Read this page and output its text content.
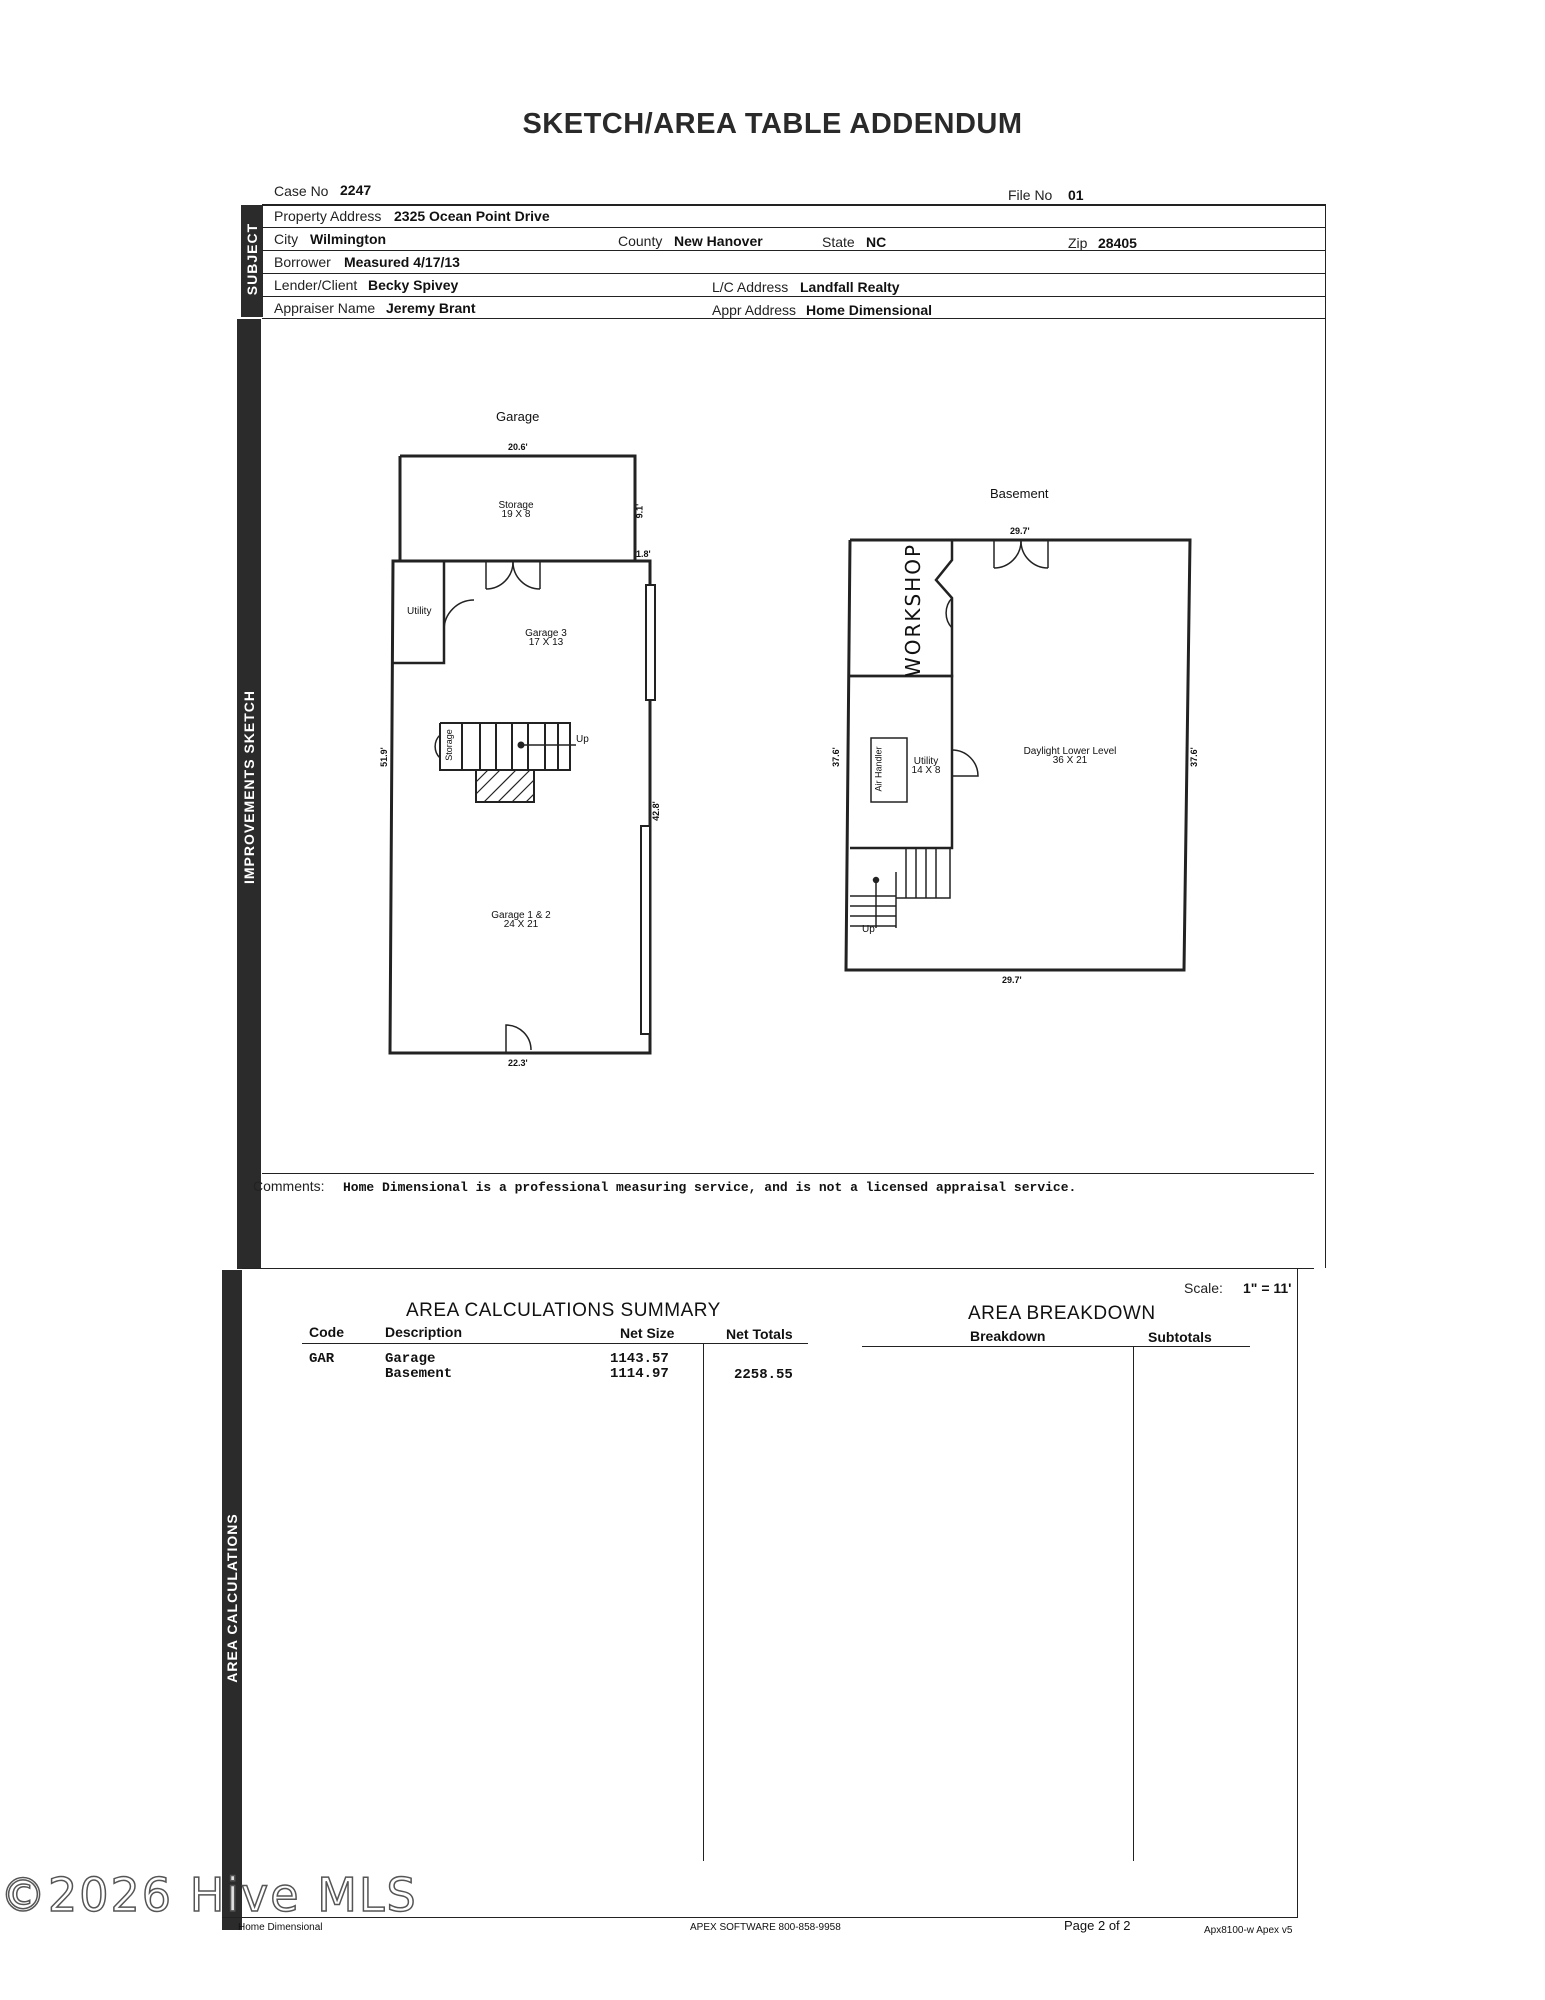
SKETCH/AREA TABLE ADDENDUM
Case No 2247	File No 01
SUBJECT
IMPROVEMENTS SKETCH
AREA CALCULATIONS
Property Address 2325 Ocean Point Drive
City Wilmington	County New Hanover	State NC	Zip 28405
Borrower Measured 4/17/13
Lender/Client Becky Spivey	L/C Address Landfall Realty
Appraiser Name Jeremy Brant	Appr Address Home Dimensional
Garage
20.6'
9.1'
1.8'
51.9'
42.8'
22.3'
Storage
19 X 8
Utility
Garage 3
17 X 13
Storage	Up
Garage 1 & 2
24 X 21
Basement
29.7'
29.7'
37.6'	37.6'
WORKSHOP
Air Handler	Utility
14 X 8
Daylight Lower Level
36 X 21
Up
Comments: Home Dimensional is a professional measuring service, and is not a licensed appraisal service.
Scale: 1" = 11'
AREA CALCULATIONS SUMMARY	AREA BREAKDOWN
Code	Description	Net Size	Net Totals	Breakdown	Subtotals
GAR	Garage	1143.57
Basement	1114.97	2258.55
Home Dimensional	APEX SOFTWARE 800-858-9958	Page 2 of 2	Apx8100-w Apex v5
©2026 Hive MLS
